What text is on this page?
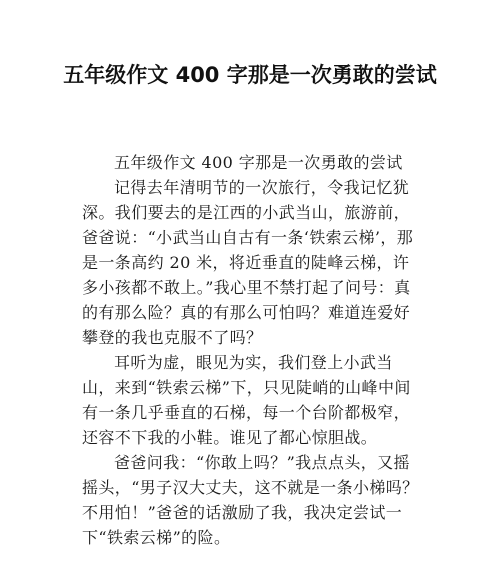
五年级作文 400 字那是一次勇敢的尝试

五年级作文 400 字那是一次勇敢的尝试

记得去年清明节的一次旅行，令我记忆犹深。我们要去的是江西的小武当山，旅游前，爸爸说：“小武当山自古有一条‘铁索云梯’，那是一条高约 20 米，将近垂直的陡峰云梯，许多小孩都不敢上。”我心里不禁打起了问号：真的有那么险？真的有那么可怕吗？难道连爱好攀登的我也克服不了吗？

耳听为虚，眼见为实，我们登上小武当山，来到“铁索云梯”下，只见陡峭的山峰中间有一条几乎垂直的石梯，每一个台阶都极窄，还容不下我的小鞋。谁见了都心惊胆战。

爸爸问我：“你敢上吗？”我点点头，又摇摇头，“男子汉大丈夫，这不就是一条小梯吗？不用怕！”爸爸的话激励了我，我决定尝试一下“铁索云梯”的险。
